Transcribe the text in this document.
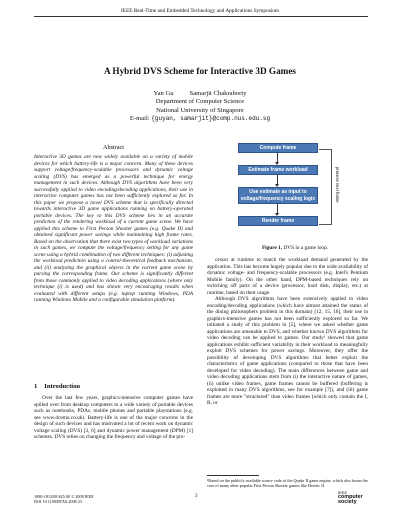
IEEE Real-Time and Embedded Technology and Applications Symposium
A Hybrid DVS Scheme for Interactive 3D Games
Yan Gu Samarjit Chakraborty
Department of Computer Science
National University of Singapore
E-mail: {guyan, samarjit}@comp.nus.edu.sg
Abstract
Interactive 3D games are now widely available on a variety of mobile devices for which battery-life is a major concern. Many of these devices support voltage/frequency-scalable processors and dynamic voltage scaling (DVS) has emerged as a powerful technique for energy management in such devices. Although DVS algorithms have been very successfully applied to video encoding/decoding applications, their use in interactive computer games has not been sufficiently explored so far. In this paper we propose a novel DVS scheme that is specifically directed towards interactive 3D game applications running on battery-operated portable devices. The key to this DVS scheme lies in an accurate prediction of the rendering workload of a current game scene. We have applied this scheme to First Person Shooter games (e.g. Quake II) and obtained significant power savings while maintaining high frame rates. Based on the observation that there exist two types of workload variations in such games, we compute the voltage/frequency setting for any game scene using a hybrid combination of two different techniques: (i) adjusting the workload prediction using a control-theoretical feedback mechanism, and (ii) analyzing the graphical objects in the current game scene by parsing the corresponding frame. Our scheme is significantly different from those commonly applied to video decoding applications (where only technique (i) is used) and has shown very encouraging results when evaluated with different setups (e.g. laptop running Windows, PDA running Windows Mobile and a configurable simulation platform).
1 Introduction
Over the last few years, graphics-intensive computer games have spilled over from desktop computers to a wide variety of portable devices such as notebooks, PDAs, mobile phones and portable playstations (e.g. see www.dcemu.co.uk). Battery-life is one of the major concerns in the design of such devices and has motivated a lot of recent work on dynamic voltage scaling (DVS) [3, 6] and dynamic power management (DPM) [1] schemes. DVS relies on changing the frequency and voltage of the pro-
Compute frame
Estimate frame workload
Use estimate as input to voltage/frequency scaling logic
Render frame
process next frame
Figure 1. DVS in a game loop.

cessor at runtime to match the workload demand generated by the application. This has become hugely popular due to the wide availability of dynamic voltage- and frequency-scalable processors (e.g. Intel's Pentium Mobile family). On the other hand, DPM-based techniques rely on switching off parts of a device (processor, hard disk, display, etc.) at runtime, based on their usage.

Although DVS algorithms have been extensively applied to video encoding/decoding applications (which have almost attained the status of the dining philosophers problem in this domain) [12, 15, 16], their use in graphics-intensive games has not been sufficiently explored so far. We initiated a study of this problem in [5], where we asked whether game applications are amenable to DVS, and whether known DVS algorithms for video decoding can be applied to games. Our study¹ showed that game applications exhibit sufficient variability in their workload to meaningfully exploit DVS schemes for power savings. Moreover, they offer the possibility of developing DVS algorithms that better exploit the characteristics of game applications (compared to those that have been developed for video decoding). The main differences between game and video decoding applications stem from (i) the interactive nature of games, (ii) unlike video frames, game frames cannot be buffered (buffering is exploited in many DVS algorithms, see for example [7]), and (iii) game frames are more "structured" than video frames (which only contain the I, B, or

¹Based on the publicly available source code of the Quake II game engine, which also forms the core of many other popular First Person Shooter games like Heretic II.
1080-1812/08 $25.00 © 2008 IEEE
DOI 10.1109/RTAS.2008.33
3
IEEE
computer society
